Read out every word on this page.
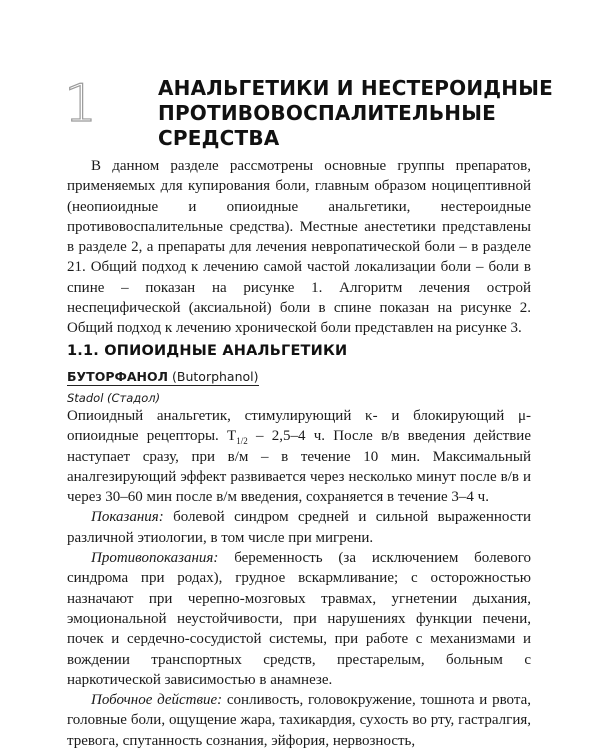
1	АНАЛЬГЕТИКИ И НЕСТЕРОИДНЫЕ
ПРОТИВОВОСПАЛИТЕЛЬНЫЕ
СРЕДСТВА
В данном разделе рассмотрены основные группы препаратов, применяемых для купирования боли, главным образом ноцицептивной (неопиоидные и опиоидные анальгетики, нестероидные противовоспалительные средства). Местные анестетики представлены в разделе 2, а препараты для лечения невропатической боли – в разделе 21. Общий подход к лечению самой частой локализации боли – боли в спине – показан на рисунке 1. Алгоритм лечения острой неспецифической (аксиальной) боли в спине показан на рисунке 2. Общий подход к лечению хронической боли представлен на рисунке 3.
1.1. ОПИОИДНЫЕ АНАЛЬГЕТИКИ
БУТОРФАНОЛ (Butorphanol)
Stadol (Стадол)

Опиоидный анальгетик, стимулирующий κ- и блокирующий μ-опиоидные рецепторы. $T_{1/2} - 2,5-4$ ч. После в/в введения действие наступает сразу, при в/м – в течение 10 мин. Максимальный аналгезирующий эффект развивается через несколько минут после в/в и через 30–60 мин после в/м введения, сохраняется в течение 3–4 ч.

Показания: болевой синдром средней и сильной выраженности различной этиологии, в том числе при мигрени.

Противопоказания: беременность (за исключением болевого синдрома при родах), грудное вскармливание; с осторожностью назначают при черепно-мозговых травмах, угнетении дыхания, эмоциональной неустойчивости, при нарушениях функции печени, почек и сердечно-сосудистой системы, при работе с механизмами и вождении транспортных средств, престарелым, больным с наркотической зависимостью в анамнезе.

Побочное действие: сонливость, головокружение, тошнота и рвота, головные боли, ощущение жара, тахикардия, сухость во рту, гастралгия, тревога, спутанность сознания, эйфория, нервозность,
